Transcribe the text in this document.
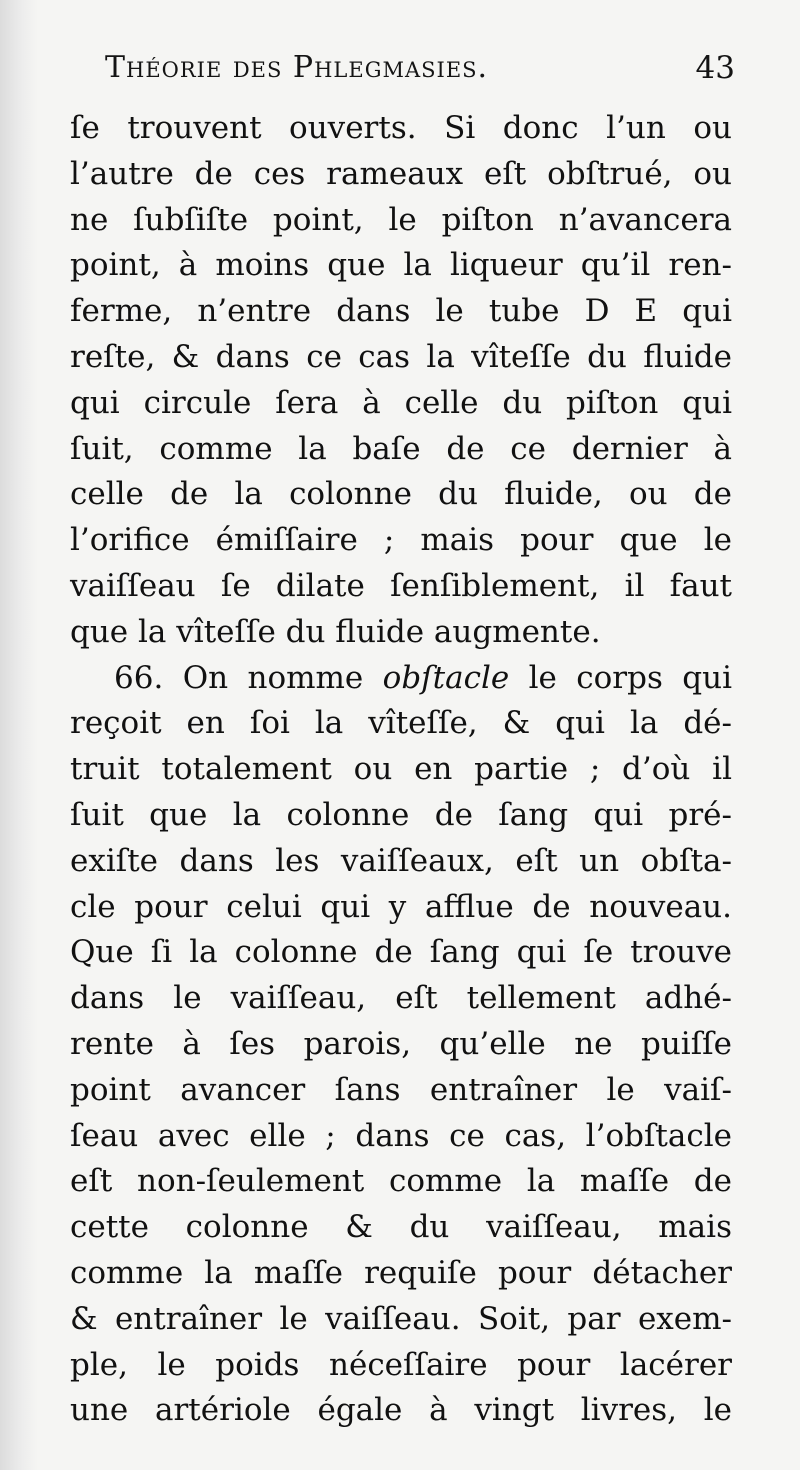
Théorie des Phlegmasies.	43
ſe trouvent ouverts. Si donc l’un ou
l’autre de ces rameaux eſt obſtrué, ou
ne ſubſiſte point, le piſton n’avancera
point, à moins que la liqueur qu’il ren-
ferme, n’entre dans le tube D E qui
reſte, & dans ce cas la vîteſſe du fluide
qui circule ſera à celle du piſton qui
ſuit, comme la baſe de ce dernier à
celle de la colonne du fluide, ou de
l’orifice émiſſaire ; mais pour que le
vaiſſeau ſe dilate ſenſiblement, il faut
que la vîteſſe du fluide augmente.
66. On nomme obſtacle le corps qui
reçoit en ſoi la vîteſſe, & qui la dé-
truit totalement ou en partie ; d’où il
ſuit que la colonne de ſang qui pré-
exiſte dans les vaiſſeaux, eſt un obſta-
cle pour celui qui y afflue de nouveau.
Que ſi la colonne de ſang qui ſe trouve
dans le vaiſſeau, eſt tellement adhé-
rente à ſes parois, qu’elle ne puiſſe
point avancer ſans entraîner le vaiſ-
ſeau avec elle ; dans ce cas, l’obſtacle
eſt non-ſeulement comme la maſſe de
cette colonne & du vaiſſeau, mais
comme la maſſe requiſe pour détacher
& entraîner le vaiſſeau. Soit, par exem-
ple, le poids néceſſaire pour lacérer
une artériole égale à vingt livres, le
